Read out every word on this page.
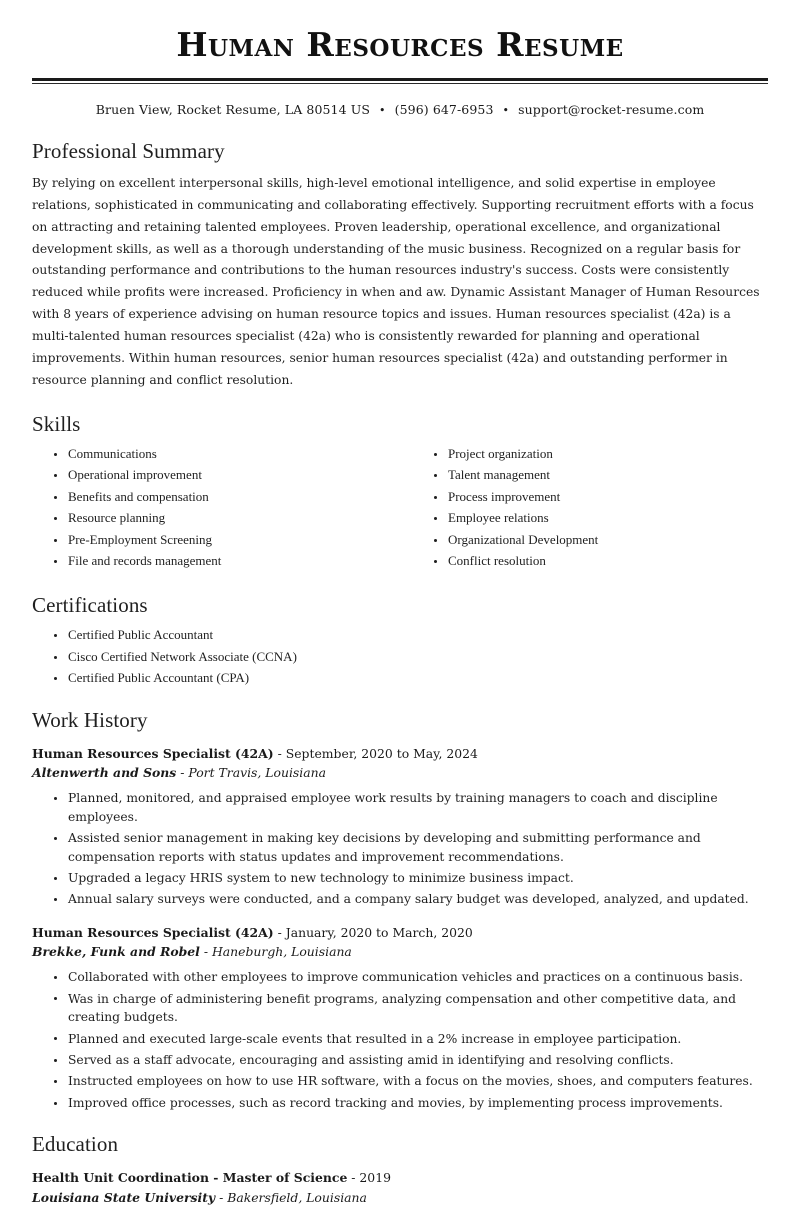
Human Resources Resume
Bruen View, Rocket Resume, LA 80514 US • (596) 647-6953 • support@rocket-resume.com
Professional Summary

By relying on excellent interpersonal skills, high-level emotional intelligence, and solid expertise in employee relations, sophisticated in communicating and collaborating effectively. Supporting recruitment efforts with a focus on attracting and retaining talented employees. Proven leadership, operational excellence, and organizational development skills, as well as a thorough understanding of the music business. Recognized on a regular basis for outstanding performance and contributions to the human resources industry's success. Costs were consistently reduced while profits were increased. Proficiency in when and aw. Dynamic Assistant Manager of Human Resources with 8 years of experience advising on human resource topics and issues. Human resources specialist (42a) is a multi-talented human resources specialist (42a) who is consistently rewarded for planning and operational improvements. Within human resources, senior human resources specialist (42a) and outstanding performer in resource planning and conflict resolution.

Skills
Communications
Operational improvement
Benefits and compensation
Resource planning
Pre-Employment Screening
File and records management
Project organization
Talent management
Process improvement
Employee relations
Organizational Development
Conflict resolution
Certifications
Certified Public Accountant
Cisco Certified Network Associate (CCNA)
Certified Public Accountant (CPA)
Work History
Human Resources Specialist (42A) - September, 2020 to May, 2024
Altenwerth and Sons - Port Travis, Louisiana
Planned, monitored, and appraised employee work results by training managers to coach and discipline employees.
Assisted senior management in making key decisions by developing and submitting performance and compensation reports with status updates and improvement recommendations.
Upgraded a legacy HRIS system to new technology to minimize business impact.
Annual salary surveys were conducted, and a company salary budget was developed, analyzed, and updated.
Human Resources Specialist (42A) - January, 2020 to March, 2020
Brekke, Funk and Robel - Haneburgh, Louisiana
Collaborated with other employees to improve communication vehicles and practices on a continuous basis.
Was in charge of administering benefit programs, analyzing compensation and other competitive data, and creating budgets.
Planned and executed large-scale events that resulted in a 2% increase in employee participation.
Served as a staff advocate, encouraging and assisting amid in identifying and resolving conflicts.
Instructed employees on how to use HR software, with a focus on the movies, shoes, and computers features.
Improved office processes, such as record tracking and movies, by implementing process improvements.
Education
Health Unit Coordination - Master of Science - 2019
Louisiana State University - Bakersfield, Louisiana
